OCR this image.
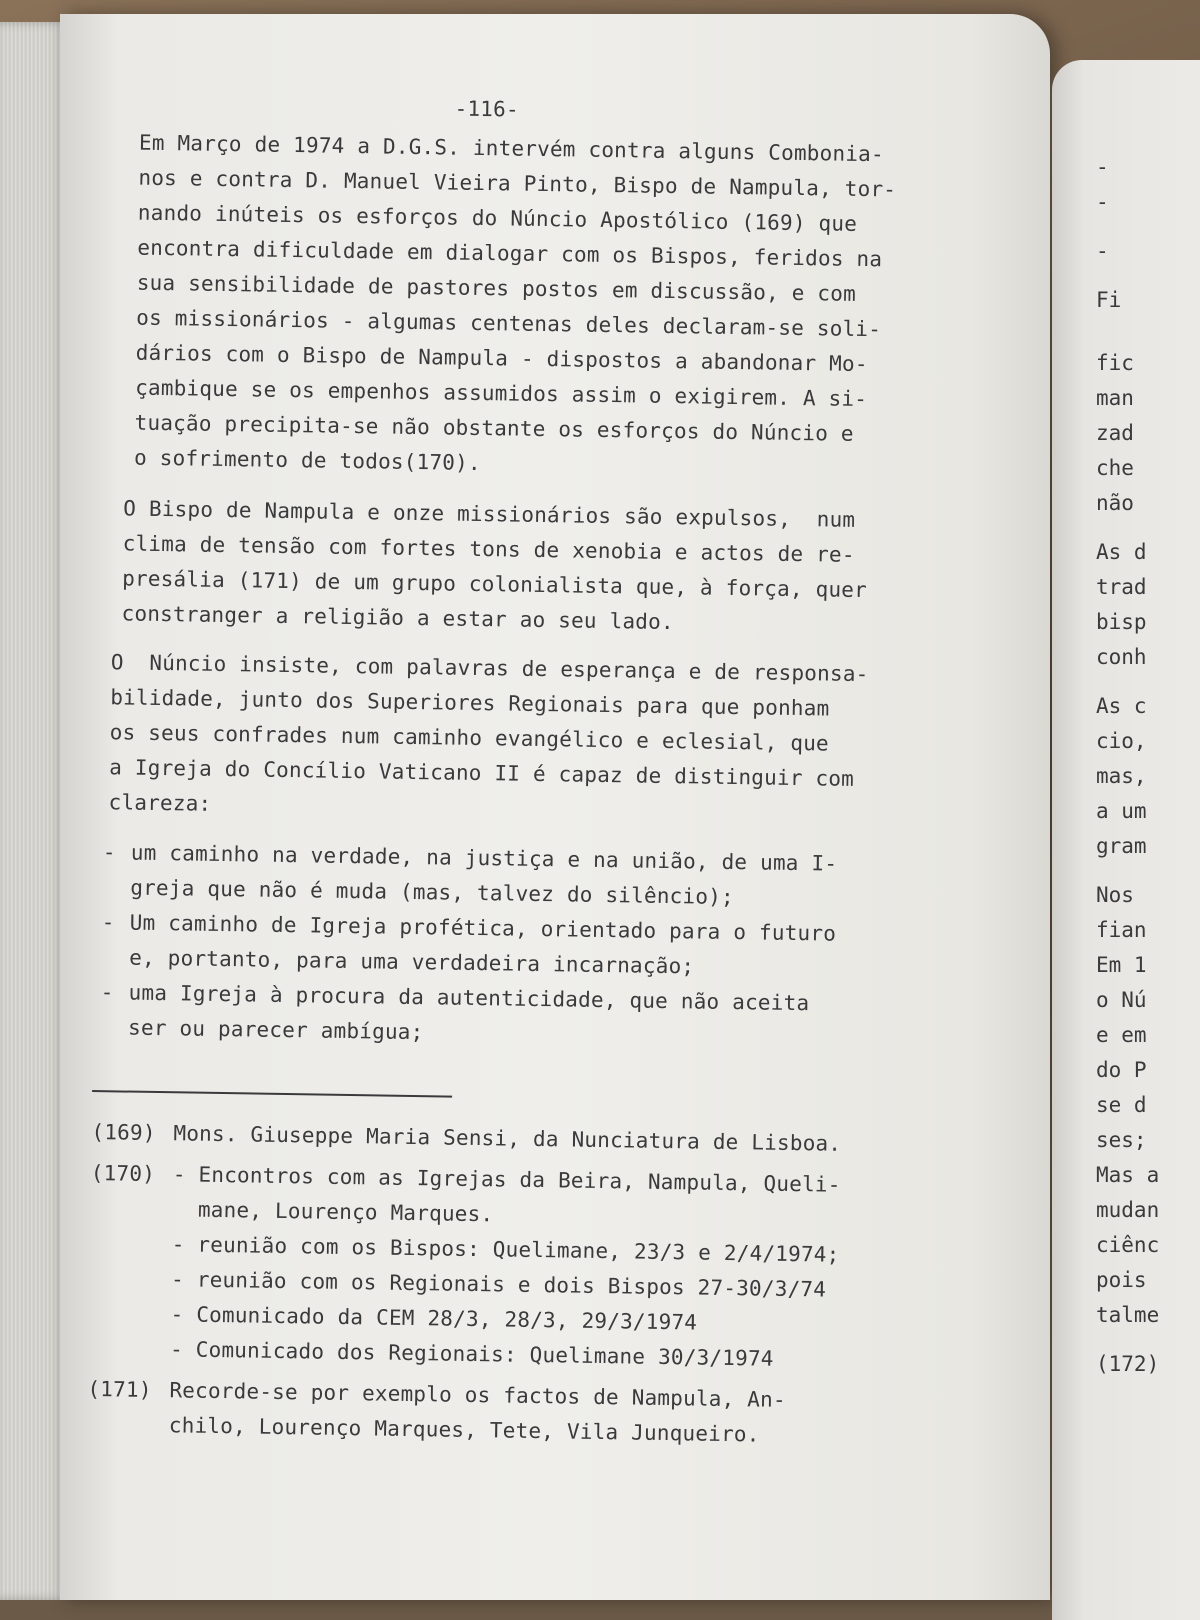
-116-
Em Março de 1974 a D.G.S. intervém contra alguns Combonia-
nos e contra D. Manuel Vieira Pinto, Bispo de Nampula, tor-
nando inúteis os esforços do Núncio Apostólico (169) que
encontra dificuldade em dialogar com os Bispos, feridos na
sua sensibilidade de pastores postos em discussão, e com
os missionários - algumas centenas deles declaram-se soli-
dários com o Bispo de Nampula - dispostos a abandonar Mo-
çambique se os empenhos assumidos assim o exigirem. A si-
tuação precipita-se não obstante os esforços do Núncio e
o sofrimento de todos(170).
O Bispo de Nampula e onze missionários são expulsos,  num
clima de tensão com fortes tons de xenobia e actos de re-
presália (171) de um grupo colonialista que, à força, quer
constranger a religião a estar ao seu lado.
O  Núncio insiste, com palavras de esperança e de responsa-
bilidade, junto dos Superiores Regionais para que ponham
os seus confrades num caminho evangélico e eclesial, que
a Igreja do Concílio Vaticano II é capaz de distinguir com
clareza:
- um caminho na verdade, na justiça e na união, de uma I-
greja que não é muda (mas, talvez do silêncio);
- Um caminho de Igreja profética, orientado para o futuro
e, portanto, para uma verdadeira incarnação;
- uma Igreja à procura da autenticidade, que não aceita
ser ou parecer ambígua;
(169) Mons. Giuseppe Maria Sensi, da Nunciatura de Lisboa.
(170) - Encontros com as Igrejas da Beira, Nampula, Queli-
mane, Lourenço Marques.
- reunião com os Bispos: Quelimane, 23/3 e 2/4/1974;
- reunião com os Regionais e dois Bispos 27-30/3/74
- Comunicado da CEM 28/3, 28/3, 29/3/1974
- Comunicado dos Regionais: Quelimane 30/3/1974
(171) Recorde-se por exemplo os factos de Nampula, An-
chilo, Lourenço Marques, Tete, Vila Junqueiro.
-
-
-
Fi
fic
man
zad
che
não
As d
trad
bisp
conh
As c
cio,
mas,
a um
gram
Nos
fian
Em 1
o Nú
e em
do P
se d
ses;
Mas a
mudan
ciênc
pois
talme
(172)
